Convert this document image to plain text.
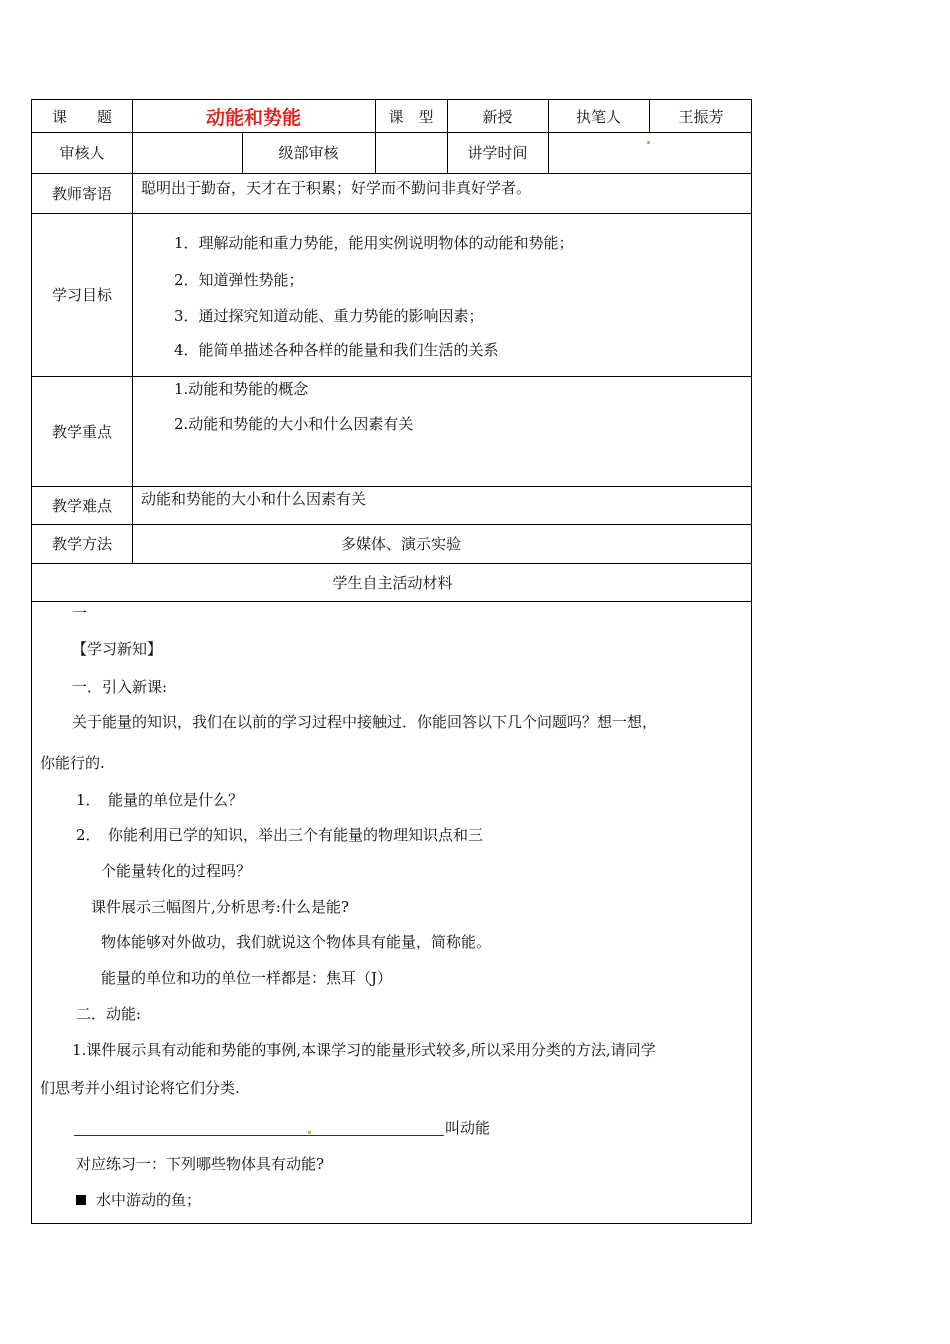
课　　题	动能和势能	课　型	新授	执笔人	王振芳
审核人	级部审核	讲学时间
教师寄语	聪明出于勤奋，天才在于积累；好学而不勤问非真好学者。
学习目标
1．理解动能和重力势能，能用实例说明物体的动能和势能；
2．知道弹性势能；
3．通过探究知道动能、重力势能的影响因素；
4．能简单描述各种各样的能量和我们生活的关系
教学重点
1.动能和势能的概念
2.动能和势能的大小和什么因素有关
教学难点	动能和势能的大小和什么因素有关
教学方法	多媒体、演示实验
学生自主活动材料
一
【学习新知】
一．引入新课:
关于能量的知识，我们在以前的学习过程中接触过．你能回答以下几个问题吗？想一想，
你能行的.
1．　能量的单位是什么？
2．　你能利用已学的知识，举出三个有能量的物理知识点和三
个能量转化的过程吗？
课件展示三幅图片,分析思考:什么是能?
物体能够对外做功，我们就说这个物体具有能量，简称能。
能量的单位和功的单位一样都是：焦耳（J）
二．动能:
1.课件展示具有动能和势能的事例,本课学习的能量形式较多,所以采用分类的方法,请同学
们思考并小组讨论将它们分类.
叫动能
对应练习一：下列哪些物体具有动能?
水中游动的鱼；
